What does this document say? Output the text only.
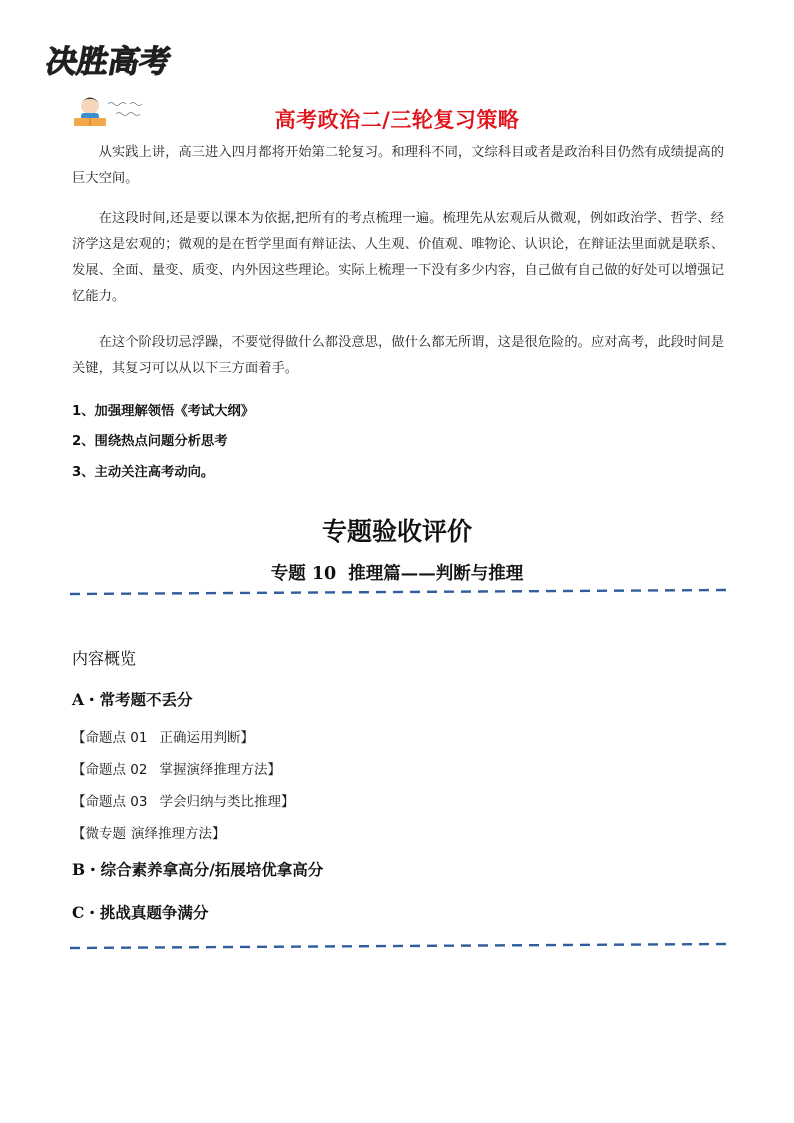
决胜高考
高考政治二/三轮复习策略

从实践上讲，高三进入四月都将开始第二轮复习。和理科不同，文综科目或者是政治科目仍然有成绩提高的巨大空间。

在这段时间,还是要以课本为依据,把所有的考点梳理一遍。梳理先从宏观后从微观，例如政治学、哲学、经济学这是宏观的；微观的是在哲学里面有辩证法、人生观、价值观、唯物论、认识论，在辩证法里面就是联系、发展、全面、量变、质变、内外因这些理论。实际上梳理一下没有多少内容，自己做有自己做的好处可以增强记忆能力。

在这个阶段切忌浮躁，不要觉得做什么都没意思，做什么都无所谓，这是很危险的。应对高考，此段时间是关键，其复习可以从以下三方面着手。

1、加强理解领悟《考试大纲》
2、围绕热点问题分析思考
3、主动关注高考动向。
专题验收评价
专题 10 推理篇——判断与推理
内容概览
A・常考题不丢分
【命题点 01 正确运用判断】
【命题点 02 掌握演绎推理方法】
【命题点 03 学会归纳与类比推理】
【微专题 演绎推理方法】
B・综合素养拿高分/拓展培优拿高分
C・挑战真题争满分
